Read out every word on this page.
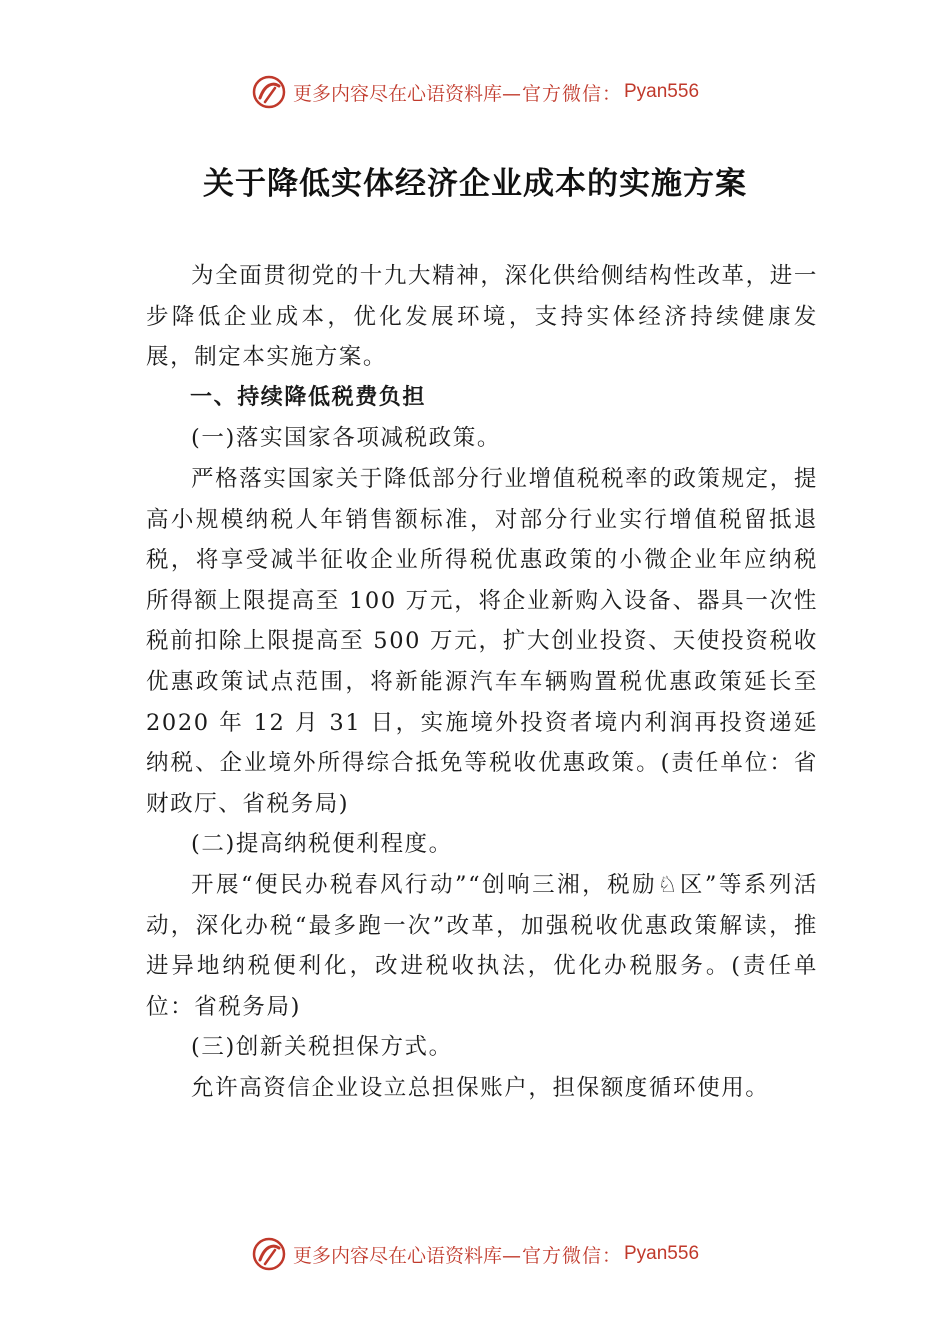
更多内容尽在心语资料库 —官方微信： Pyan556
关于降低实体经济企业成本的实施方案

为全面贯彻党的十九大精神，深化供给侧结构性改革，进一步降低企业成本，优化发展环境，支持实体经济持续健康发展，制定本实施方案。

一、持续降低税费负担

(一)落实国家各项减税政策。

严格落实国家关于降低部分行业增值税税率的政策规定，提高小规模纳税人年销售额标准，对部分行业实行增值税留抵退税，将享受减半征收企业所得税优惠政策的小微企业年应纳税所得额上限提高至 100 万元，将企业新购入设备、器具一次性税前扣除上限提高至 500 万元，扩大创业投资、天使投资税收优惠政策试点范围，将新能源汽车车辆购置税优惠政策延长至 2020 年 12 月 31 日，实施境外投资者境内利润再投资递延纳税、企业境外所得综合抵免等税收优惠政策。(责任单位：省财政厅、省税务局)

(二)提高纳税便利程度。

开展“便民办税春风行动”“创响三湘，税励♘区”等系列活动，深化办税“最多跑一次”改革，加强税收优惠政策解读，推进异地纳税便利化，改进税收执法，优化办税服务。(责任单位：省税务局)

(三)创新关税担保方式。

允许高资信企业设立总担保账户，担保额度循环使用。

更多内容尽在心语资料库 —官方微信： Pyan556
